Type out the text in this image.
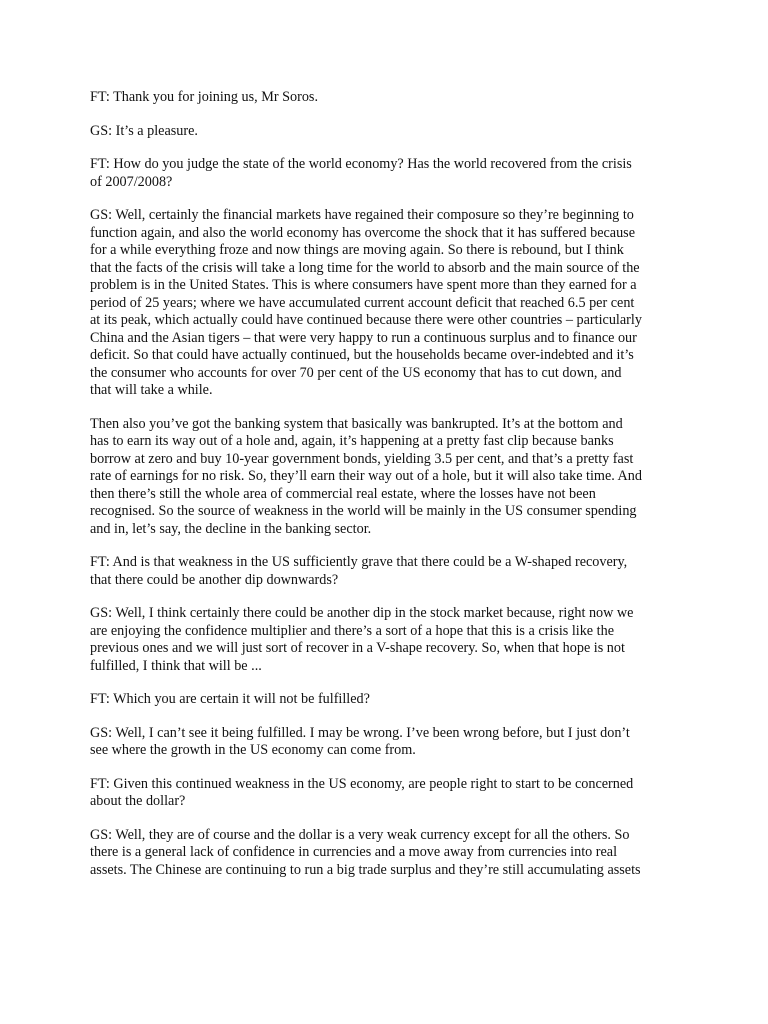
FT: Thank you for joining us, Mr Soros.

GS: It’s a pleasure.

FT: How do you judge the state of the world economy? Has the world recovered from the crisis
of 2007/2008?

GS: Well, certainly the financial markets have regained their composure so they’re beginning to
function again, and also the world economy has overcome the shock that it has suffered because
for a while everything froze and now things are moving again. So there is rebound, but I think
that the facts of the crisis will take a long time for the world to absorb and the main source of the
problem is in the United States. This is where consumers have spent more than they earned for a
period of 25 years; where we have accumulated current account deficit that reached 6.5 per cent
at its peak, which actually could have continued because there were other countries – particularly
China and the Asian tigers – that were very happy to run a continuous surplus and to finance our
deficit. So that could have actually continued, but the households became over-indebted and it’s
the consumer who accounts for over 70 per cent of the US economy that has to cut down, and
that will take a while.

Then also you’ve got the banking system that basically was bankrupted. It’s at the bottom and
has to earn its way out of a hole and, again, it’s happening at a pretty fast clip because banks
borrow at zero and buy 10-year government bonds, yielding 3.5 per cent, and that’s a pretty fast
rate of earnings for no risk. So, they’ll earn their way out of a hole, but it will also take time. And
then there’s still the whole area of commercial real estate, where the losses have not been
recognised. So the source of weakness in the world will be mainly in the US consumer spending
and in, let’s say, the decline in the banking sector.

FT: And is that weakness in the US sufficiently grave that there could be a W-shaped recovery,
that there could be another dip downwards?

GS: Well, I think certainly there could be another dip in the stock market because, right now we
are enjoying the confidence multiplier and there’s a sort of a hope that this is a crisis like the
previous ones and we will just sort of recover in a V-shape recovery. So, when that hope is not
fulfilled, I think that will be ...

FT: Which you are certain it will not be fulfilled?

GS: Well, I can’t see it being fulfilled. I may be wrong. I’ve been wrong before, but I just don’t
see where the growth in the US economy can come from.

FT: Given this continued weakness in the US economy, are people right to start to be concerned
about the dollar?

GS: Well, they are of course and the dollar is a very weak currency except for all the others. So
there is a general lack of confidence in currencies and a move away from currencies into real
assets. The Chinese are continuing to run a big trade surplus and they’re still accumulating assets
